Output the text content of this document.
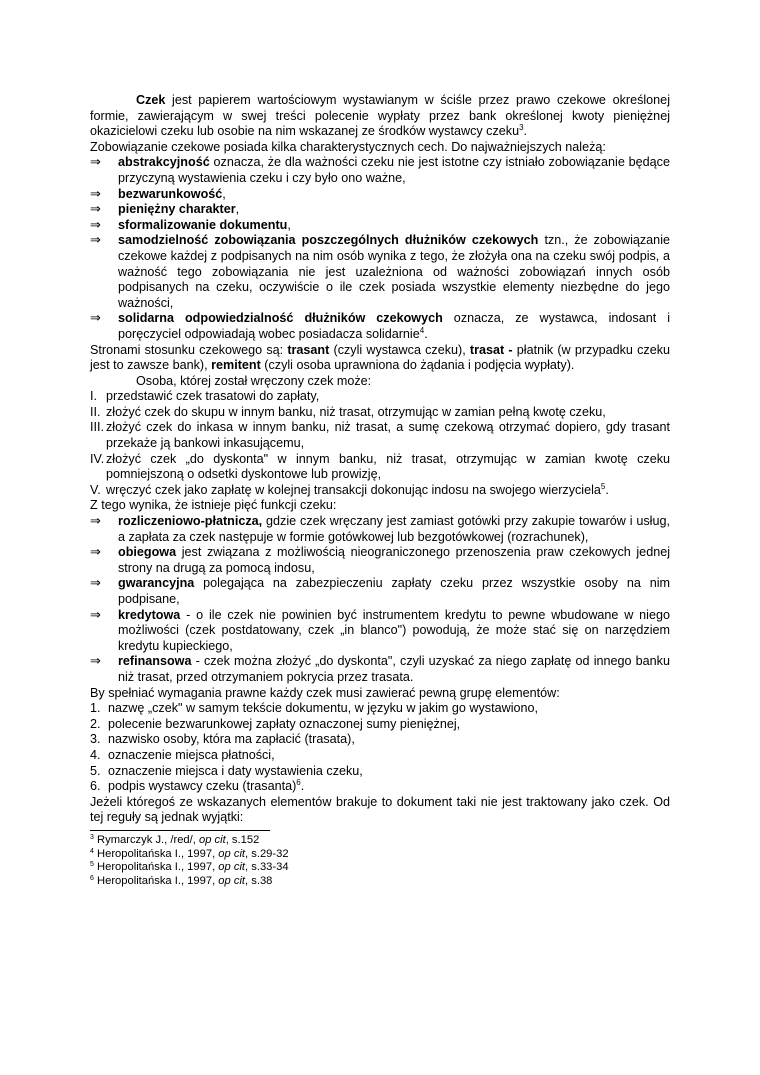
Czek jest papierem wartościowym wystawianym w ściśle przez prawo czekowe określonej formie, zawierającym w swej treści polecenie wypłaty przez bank określonej kwoty pieniężnej okazicielowi czeku lub osobie na nim wskazanej ze środków wystawcy czeku$^3$.

Zobowiązanie czekowe posiada kilka charakterystycznych cech. Do najważniejszych należą:

⇒ abstrakcyjność oznacza, że dla ważności czeku nie jest istotne czy istniało zobowiązanie będące przyczyną wystawienia czeku i czy było ono ważne,
⇒ bezwarunkowość,
⇒ pieniężny charakter,
⇒ sformalizowanie dokumentu,
⇒ samodzielność zobowiązania poszczególnych dłużników czekowych tzn., że zobowiązanie czekowe każdej z podpisanych na nim osób wynika z tego, że złożyła ona na czeku swój podpis, a ważność tego zobowiązania nie jest uzależniona od ważności zobowiązań innych osób podpisanych na czeku, oczywiście o ile czek posiada wszystkie elementy niezbędne do jego ważności,
⇒ solidarna odpowiedzialność dłużników czekowych oznacza, ze wystawca, indosant i poręczyciel odpowiadają wobec posiadacza solidarnie$^4$.

Stronami stosunku czekowego są: trasant (czyli wystawca czeku), trasat - płatnik (w przypadku czeku jest to zawsze bank), remitent (czyli osoba uprawniona do żądania i podjęcia wypłaty).

Osoba, której został wręczony czek może:

I. przedstawić czek trasatowi do zapłaty,
II. złożyć czek do skupu w innym banku, niż trasat, otrzymując w zamian pełną kwotę czeku,
III. złożyć czek do inkasa w innym banku, niż trasat, a sumę czekową otrzymać dopiero, gdy trasant przekaże ją bankowi inkasującemu,
IV. złożyć czek „do dyskonta" w innym banku, niż trasat, otrzymując w zamian kwotę czeku pomniejszoną o odsetki dyskontowe lub prowizję,
V. wręczyć czek jako zapłatę w kolejnej transakcji dokonując indosu na swojego wierzyciela$^5$.

Z tego wynika, że istnieje pięć funkcji czeku:

⇒ rozliczeniowo-płatnicza, gdzie czek wręczany jest zamiast gotówki przy zakupie towarów i usług, a zapłata za czek następuje w formie gotówkowej lub bezgotówkowej (rozrachunek),
⇒ obiegowa jest związana z możliwością nieograniczonego przenoszenia praw czekowych jednej strony na drugą za pomocą indosu,
⇒ gwarancyjna polegająca na zabezpieczeniu zapłaty czeku przez wszystkie osoby na nim podpisane,
⇒ kredytowa - o ile czek nie powinien być instrumentem kredytu to pewne wbudowane w niego możliwości (czek postdatowany, czek „in blanco") powodują, że może stać się on narzędziem kredytu kupieckiego,
⇒ refinansowa - czek można złożyć „do dyskonta", czyli uzyskać za niego zapłatę od innego banku niż trasat, przed otrzymaniem pokrycia przez trasata.

By spełniać wymagania prawne każdy czek musi zawierać pewną grupę elementów:

1. nazwę „czek" w samym tekście dokumentu, w języku w jakim go wystawiono,
2. polecenie bezwarunkowej zapłaty oznaczonej sumy pieniężnej,
3. nazwisko osoby, która ma zapłacić (trasata),
4. oznaczenie miejsca płatności,
5. oznaczenie miejsca i daty wystawienia czeku,
6. podpis wystawcy czeku (trasanta)$^6$.

Jeżeli któregoś ze wskazanych elementów brakuje to dokument taki nie jest traktowany jako czek. Od tej reguły są jednak wyjątki:

$^3$ Rymarczyk J., /red/, op cit, s.152
$^4$ Heropolitańska I., 1997, op cit, s.29-32
$^5$ Heropolitańska I., 1997, op cit, s.33-34
$^6$ Heropolitańska I., 1997, op cit, s.38
